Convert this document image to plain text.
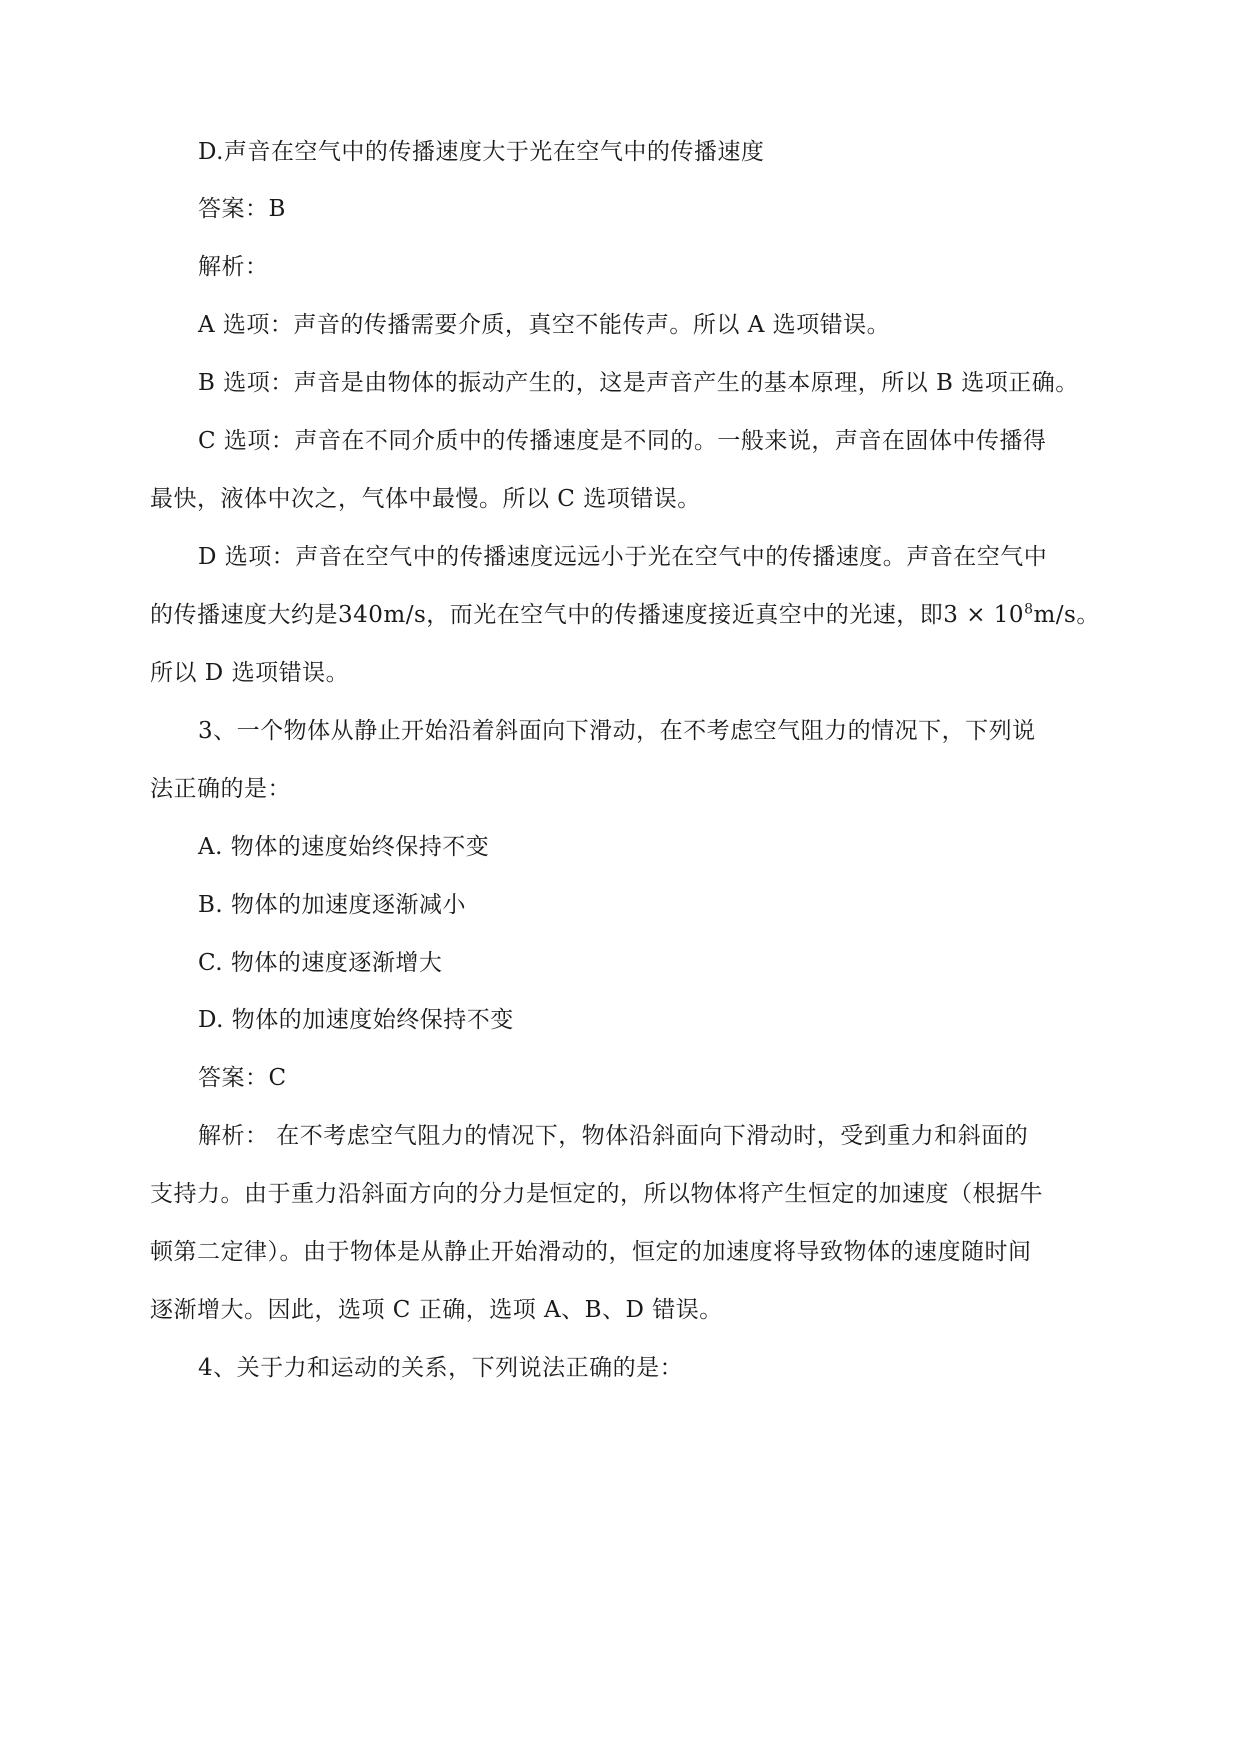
D.声音在空气中的传播速度大于光在空气中的传播速度
答案：B
解析：
A 选项：声音的传播需要介质，真空不能传声。所以 A 选项错误。
B 选项：声音是由物体的振动产生的，这是声音产生的基本原理，所以 B 选项正确。
C 选项：声音在不同介质中的传播速度是不同的。一般来说，声音在固体中传播得
最快，液体中次之，气体中最慢。所以 C 选项错误。
D 选项：声音在空气中的传播速度远远小于光在空气中的传播速度。声音在空气中
的传播速度大约是340m/s，而光在空气中的传播速度接近真空中的光速，即$3 \times 10^8m/s$。
所以 D 选项错误。
3、一个物体从静止开始沿着斜面向下滑动，在不考虑空气阻力的情况下，下列说
法正确的是：
A. 物体的速度始终保持不变
B. 物体的加速度逐渐减小
C. 物体的速度逐渐增大
D. 物体的加速度始终保持不变
答案：C
解析： 在不考虑空气阻力的情况下，物体沿斜面向下滑动时，受到重力和斜面的
支持力。由于重力沿斜面方向的分力是恒定的，所以物体将产生恒定的加速度（根据牛
顿第二定律）。由于物体是从静止开始滑动的，恒定的加速度将导致物体的速度随时间
逐渐增大。因此，选项 C 正确，选项 A、B、D 错误。
4、关于力和运动的关系，下列说法正确的是：
